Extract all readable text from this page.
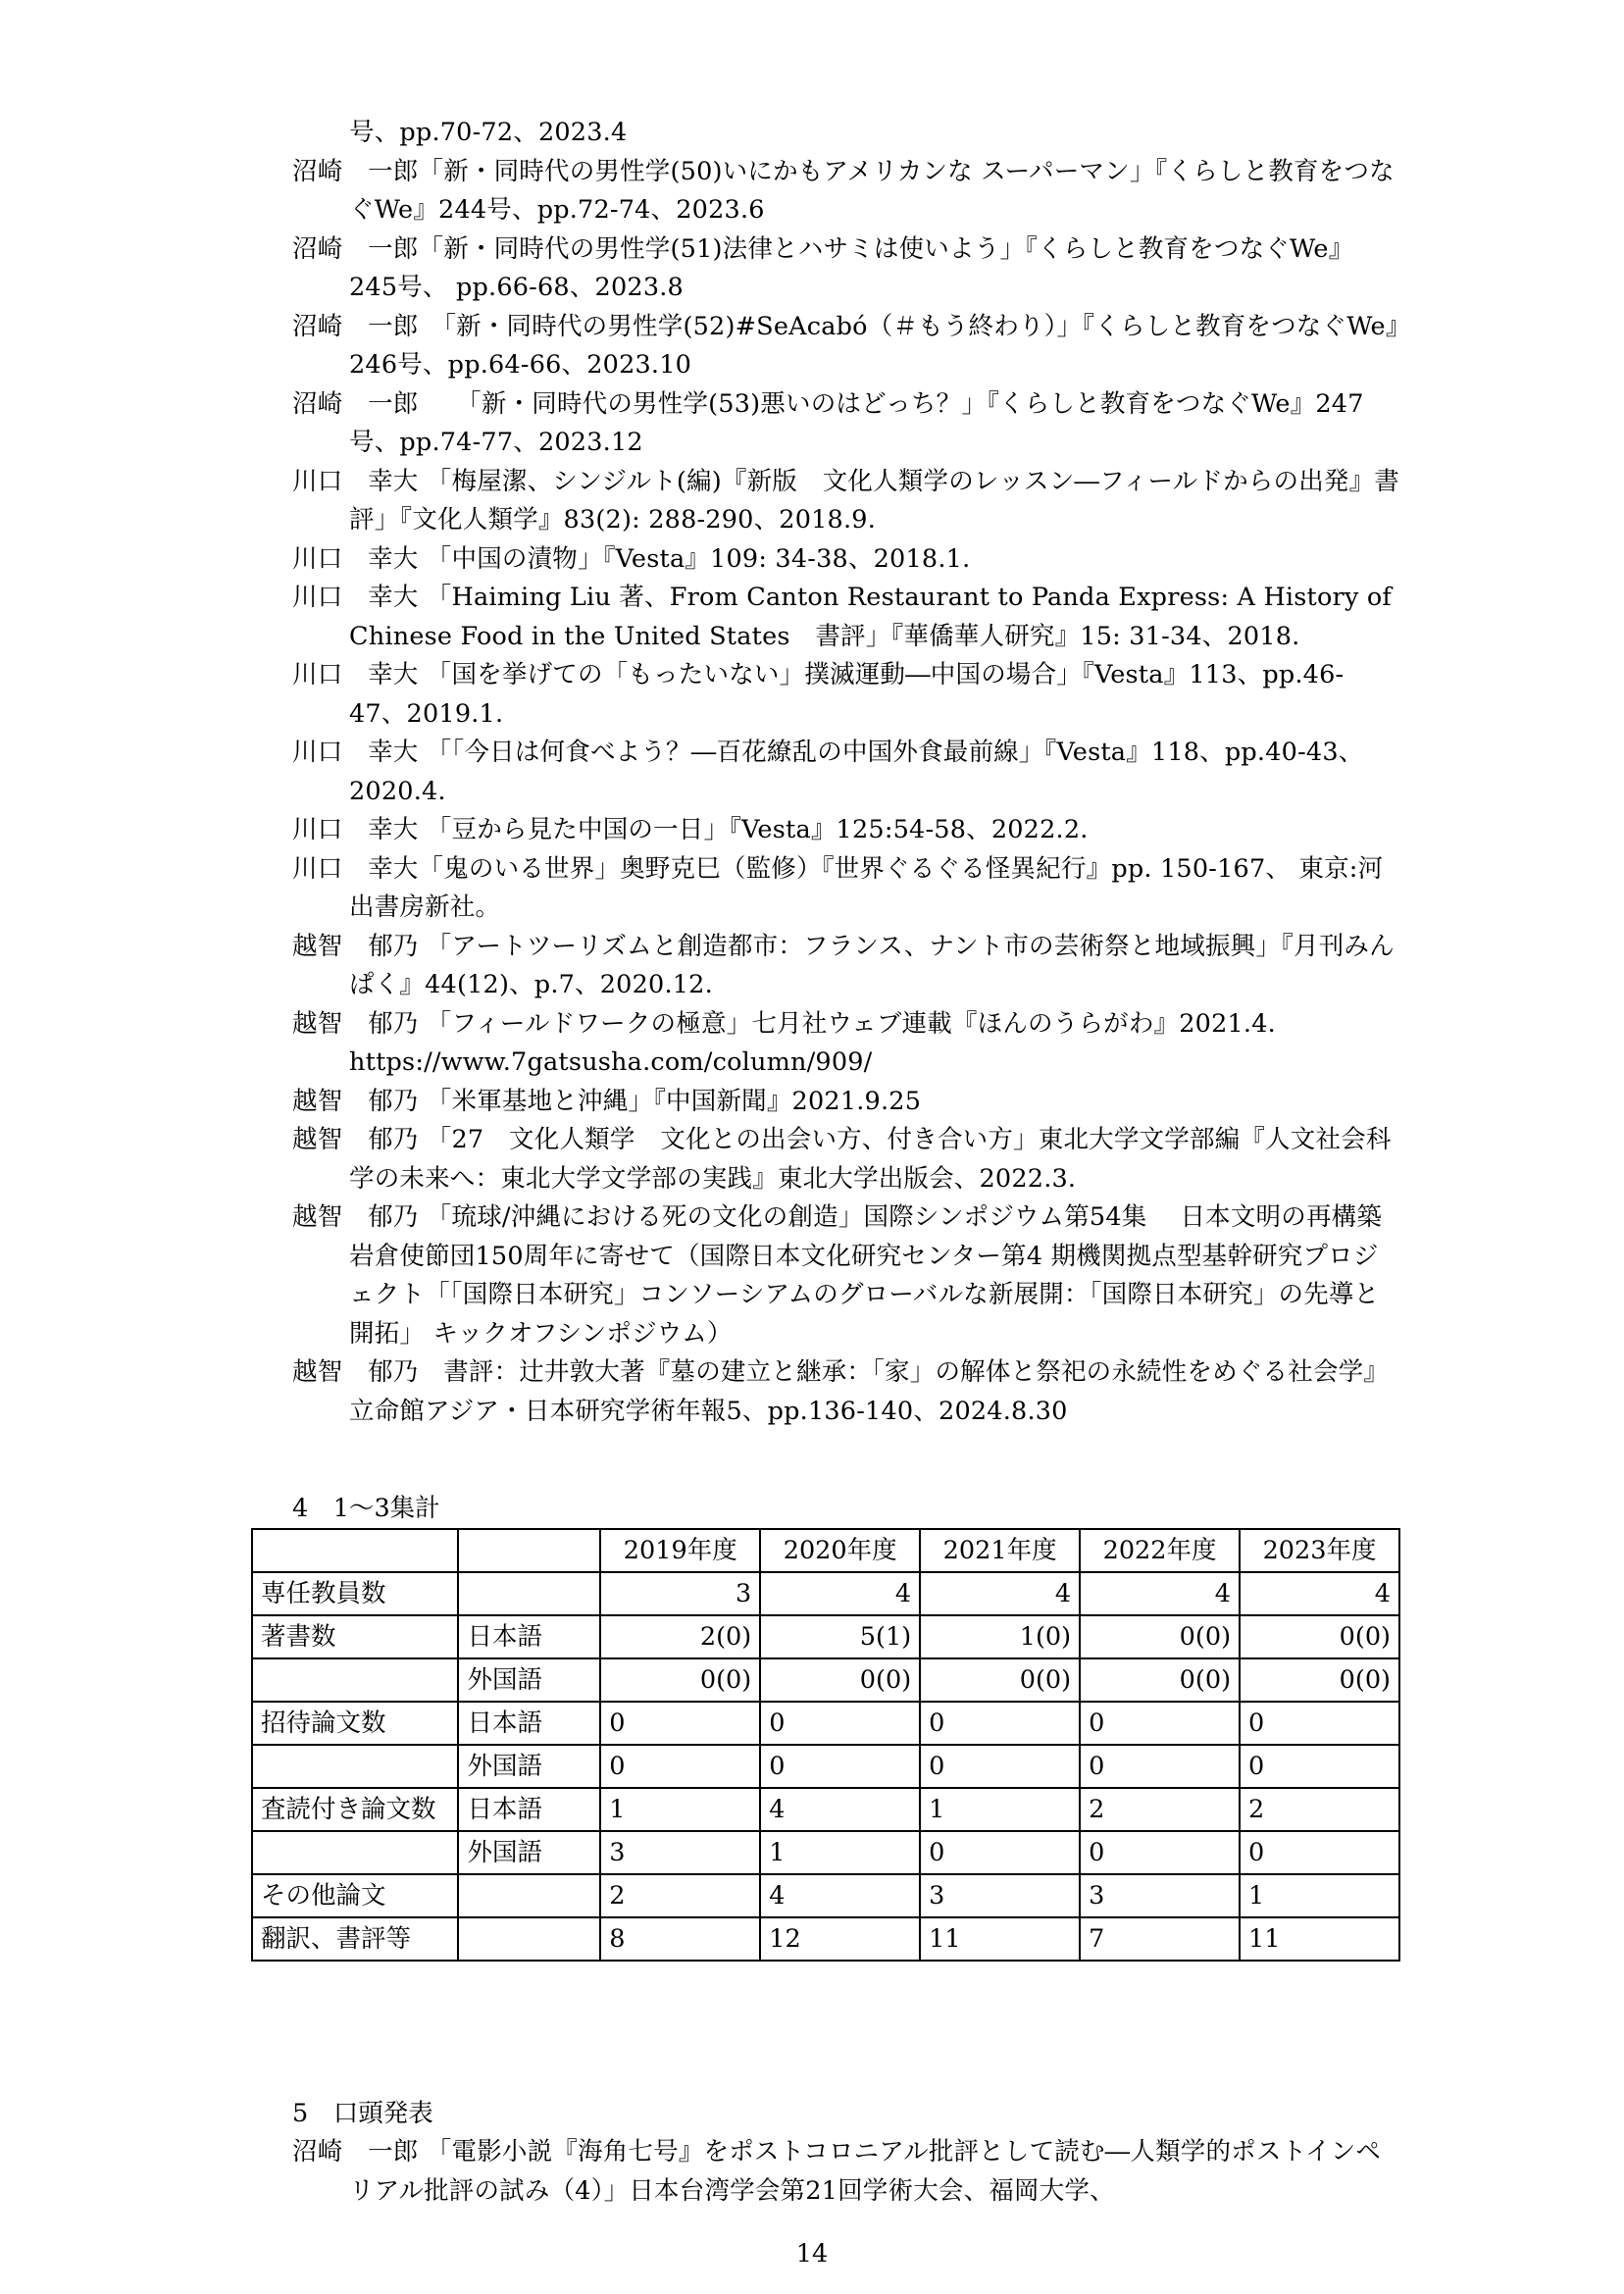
号、pp.70-72、2023.4
沼崎　一郎「新・同時代の男性学(50)いにかもアメリカンな スーパーマン」『くらしと教育をつなぐWe』244号、pp.72-74、2023.6
沼崎　一郎「新・同時代の男性学(51)法律とハサミは使いよう」『くらしと教育をつなぐWe』245号、 pp.66-68、2023.8
沼崎　一郎　「新・同時代の男性学(52)#SeAcabó（＃もう終わり）」『くらしと教育をつなぐWe』246号、pp.64-66、2023.10
沼崎　一郎　　「新・同時代の男性学(53)悪いのはどっち？」『くらしと教育をつなぐWe』247号、pp.74-77、2023.12
川口　幸大 「梅屋潔、シンジルト(編)『新版　文化人類学のレッスン―フィールドからの出発』書評」『文化人類学』83(2): 288-290、2018.9.
川口　幸大 「中国の漬物」『Vesta』109: 34-38、2018.1.
川口　幸大 「Haiming Liu 著、From Canton Restaurant to Panda Express: A History of Chinese Food in the United States　書評」『華僑華人研究』15: 31-34、2018.
川口　幸大 「国を挙げての「もったいない」撲滅運動―中国の場合」『Vesta』113、pp.46-47、2019.1.
川口　幸大 「「今日は何食べよう？―百花繚乱の中国外食最前線」『Vesta』118、pp.40-43、2020.4.
川口　幸大 「豆から見た中国の一日」『Vesta』125:54-58、2022.2.
川口　幸大「鬼のいる世界」奥野克巳（監修）『世界ぐるぐる怪異紀行』pp. 150-167、 東京:河出書房新社。
越智　郁乃 「アートツーリズムと創造都市：フランス、ナント市の芸術祭と地域振興」『月刊みんぱく』44(12)、p.7、2020.12.
越智　郁乃 「フィールドワークの極意」七月社ウェブ連載『ほんのうらがわ』2021.4. https://www.7gatsusha.com/column/909/
越智　郁乃 「米軍基地と沖縄」『中国新聞』2021.9.25
越智　郁乃 「27　文化人類学　文化との出会い方、付き合い方」東北大学文学部編『人文社会科学の未来へ：東北大学文学部の実践』東北大学出版会、2022.3.
越智　郁乃 「琉球/沖縄における死の文化の創造」国際シンポジウム第54集　 日本文明の再構築　岩倉使節団150周年に寄せて（国際日本文化研究センター第4 期機関拠点型基幹研究プロジェクト「「国際日本研究」コンソーシアムのグローバルな新展開：「国際日本研究」の先導と開拓」 キックオフシンポジウム）
越智　郁乃　書評：辻井敦大著『墓の建立と継承：「家」の解体と祭祀の永続性をめぐる社会学』立命館アジア・日本研究学術年報5、pp.136-140、2024.8.30
4　1～3集計
		2019年度	2020年度	2021年度	2022年度	2023年度
専任教員数		3	4	4	4	4
著書数	日本語	2(0)	5(1)	1(0)	0(0)	0(0)
	外国語	0(0)	0(0)	0(0)	0(0)	0(0)
招待論文数	日本語	0	0	0	0	0
	外国語	0	0	0	0	0
査読付き論文数	日本語	1	4	1	2	2
	外国語	3	1	0	0	0
その他論文		2	4	3	3	1
翻訳、書評等		8	12	11	7	11
5　口頭発表
沼崎　一郎 「電影小説『海角七号』をポストコロニアル批評として読む―人類学的ポストインペリアル批評の試み（4）」日本台湾学会第21回学術大会、福岡大学、
14
